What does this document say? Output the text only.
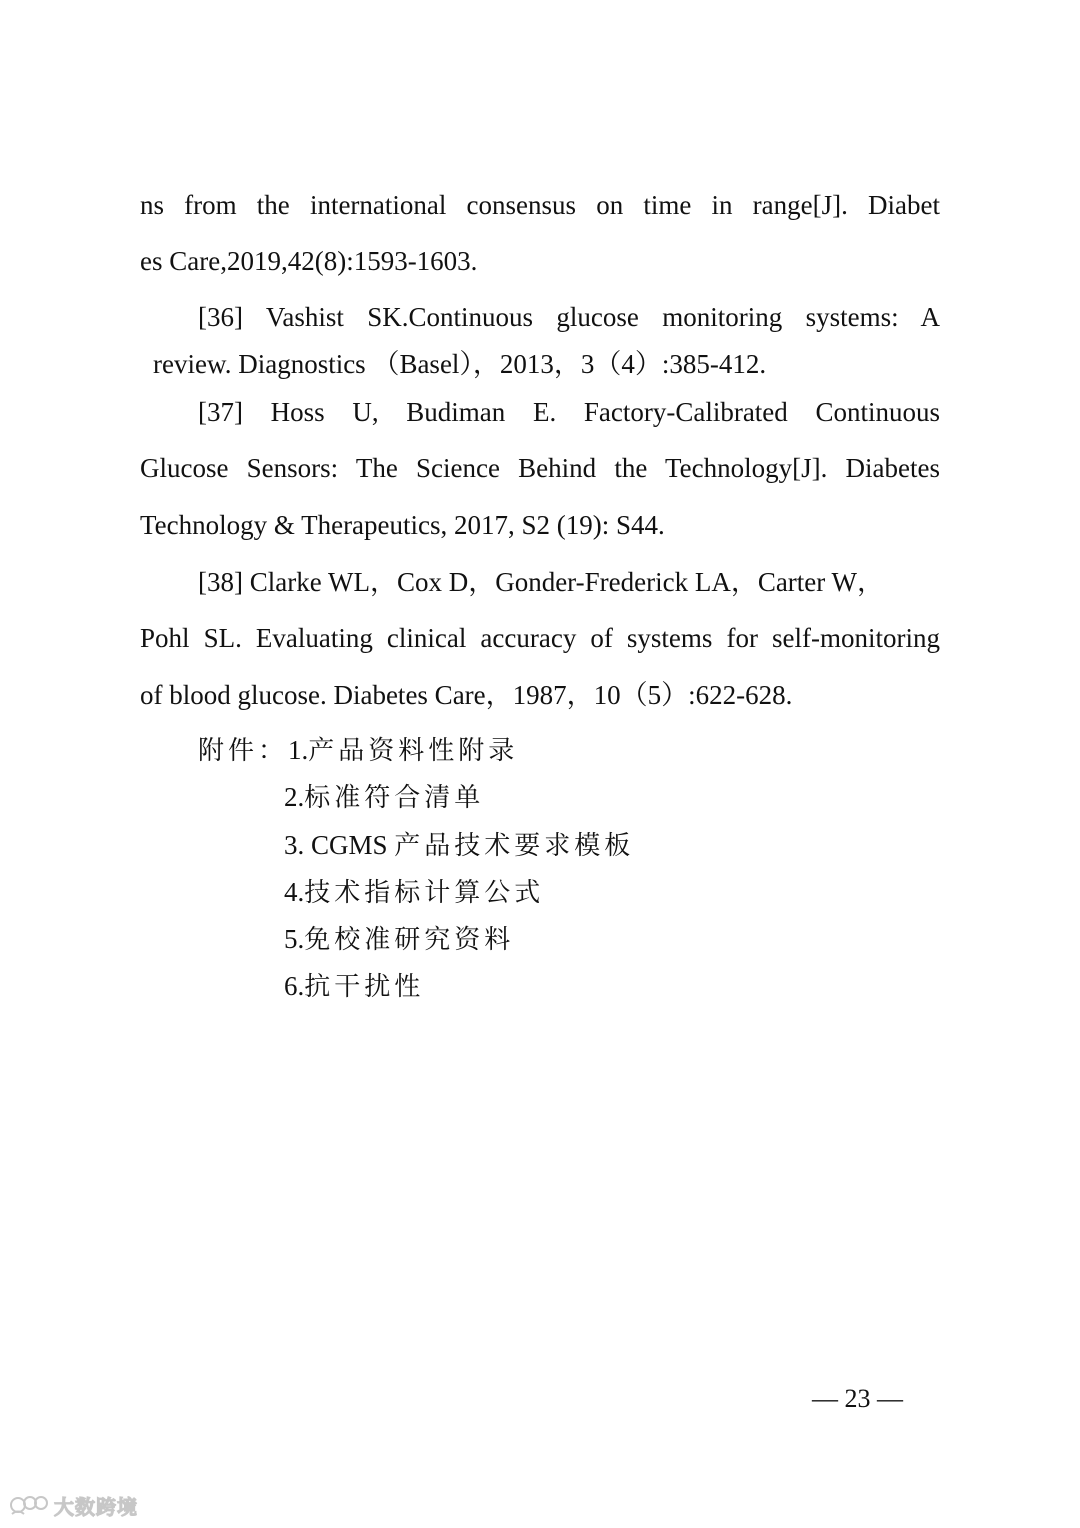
ns from the international consensus on time in range[J]. Diabet
es Care,2019,42(8):1593‑1603.
[36] Vashist SK.Continuous glucose monitoring systems: A
review. Diagnostics （Basel），2013，3（4）:385-412.
[37] Hoss U, Budiman E. Factory-Calibrated Continuous
Glucose Sensors: The Science Behind the Technology[J]. Diabetes
Technology & Therapeutics, 2017, S2 (19): S44.
[38] Clarke WL，Cox D，Gonder-Frederick LA，Carter W，
Pohl SL. Evaluating clinical accuracy of systems for self-monitoring
of blood glucose. Diabetes Care，1987，10（5）:622-628.
附件：1.产品资料性附录
2.标准符合清单
3. CGMS 产品技术要求模板
4.技术指标计算公式
5.免校准研究资料
6.抗干扰性
— 23 —
大数跨境
